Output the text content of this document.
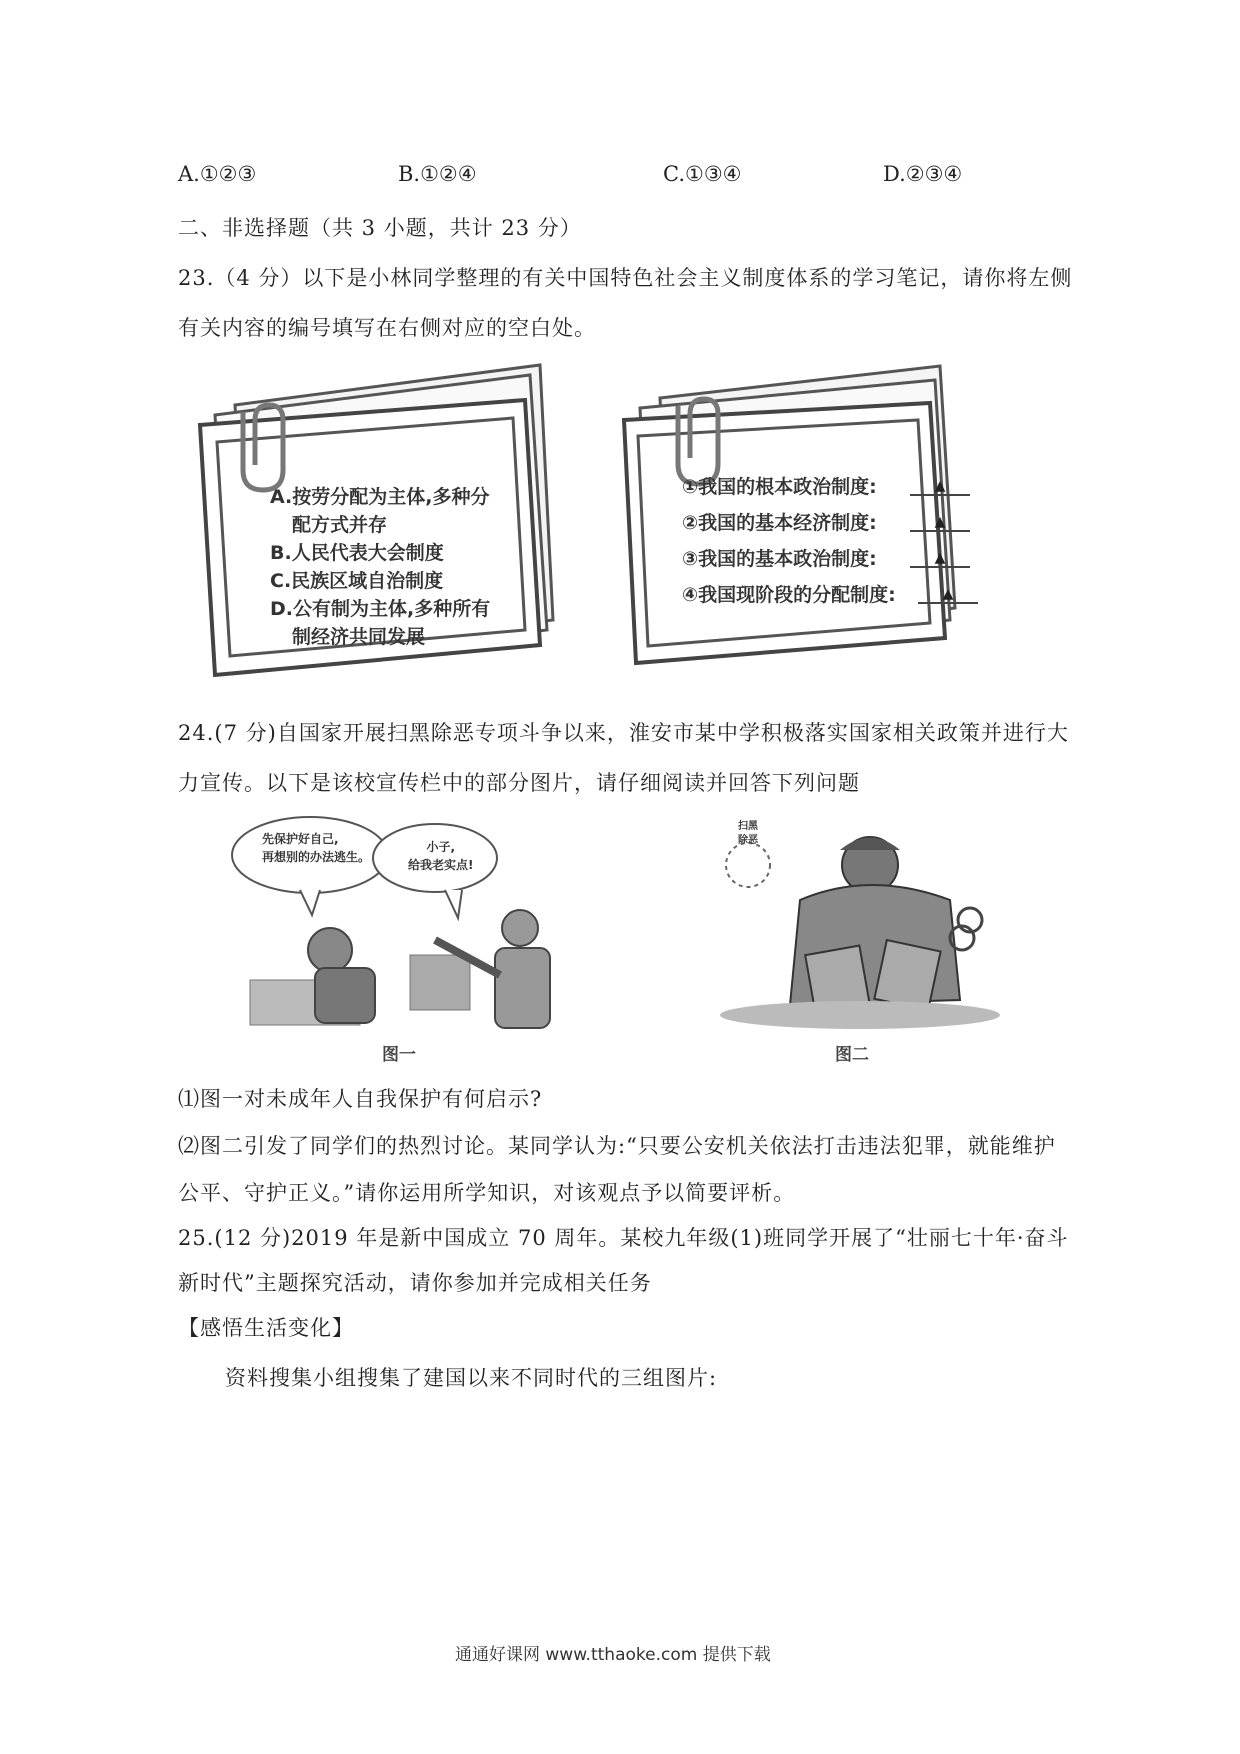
A.①②③	B.①②④	C.①③④	D.②③④
二、非选择题（共 3 小题，共计 23 分）
23.（4 分）以下是小林同学整理的有关中国特色社会主义制度体系的学习笔记，请你将左侧
有关内容的编号填写在右侧对应的空白处。
A.按劳分配为主体,多种分
配方式并存
B.人民代表大会制度
C.民族区域自治制度
D.公有制为主体,多种所有
制经济共同发展
①我国的根本政治制度:
②我国的基本经济制度:
③我国的基本政治制度:
④我国现阶段的分配制度:
▲
▲
▲
▲
24.(7 分)自国家开展扫黑除恶专项斗争以来，淮安市某中学积极落实国家相关政策并进行大
力宣传。以下是该校宣传栏中的部分图片，请仔细阅读并回答下列问题
先保护好自己,
再想别的办法逃生。
小子,
给我老实点!
图一
扫黑
除恶
图二
⑴图一对未成年人自我保护有何启示?
⑵图二引发了同学们的热烈讨论。某同学认为:“只要公安机关依法打击违法犯罪，就能维护
公平、守护正义。”请你运用所学知识，对该观点予以简要评析。
25.(12 分)2019 年是新中国成立 70 周年。某校九年级(1)班同学开展了“壮丽七十年·奋斗
新时代”主题探究活动，请你参加并完成相关任务
【感悟生活变化】
资料搜集小组搜集了建国以来不同时代的三组图片:
通通好课网 www.tthaoke.com 提供下载
